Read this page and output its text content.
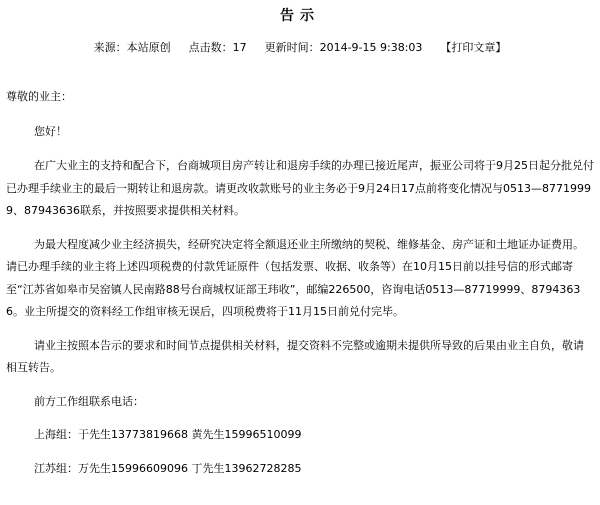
告示
来源：本站原创 点击数：17 更新时间：2014-9-15 9:38:03 【打印文章】

尊敬的业主：

您好！

在广大业主的支持和配合下，台商城项目房产转让和退房手续的办理已接近尾声，振亚公司将于9月25日起分批兑付已办理手续业主的最后一期转让和退房款。请更改收款账号的业主务必于9月24日17点前将变化情况与0513—87719999、87943636联系，并按照要求提供相关材料。

为最大程度减少业主经济损失，经研究决定将全额退还业主所缴纳的契税、维修基金、房产证和土地证办证费用。请已办理手续的业主将上述四项税费的付款凭证原件（包括发票、收据、收条等）在10月15日前以挂号信的形式邮寄至“江苏省如皋市吴窑镇人民南路88号台商城权证部王玮收”，邮编226500，咨询电话0513—87719999、87943636。业主所提交的资料经工作组审核无误后，四项税费将于11月15日前兑付完毕。

请业主按照本告示的要求和时间节点提供相关材料，提交资料不完整或逾期未提供所导致的后果由业主自负，敬请相互转告。

前方工作组联系电话：

上海组：于先生13773819668 黄先生15996510099

江苏组：万先生15996609096 丁先生13962728285
